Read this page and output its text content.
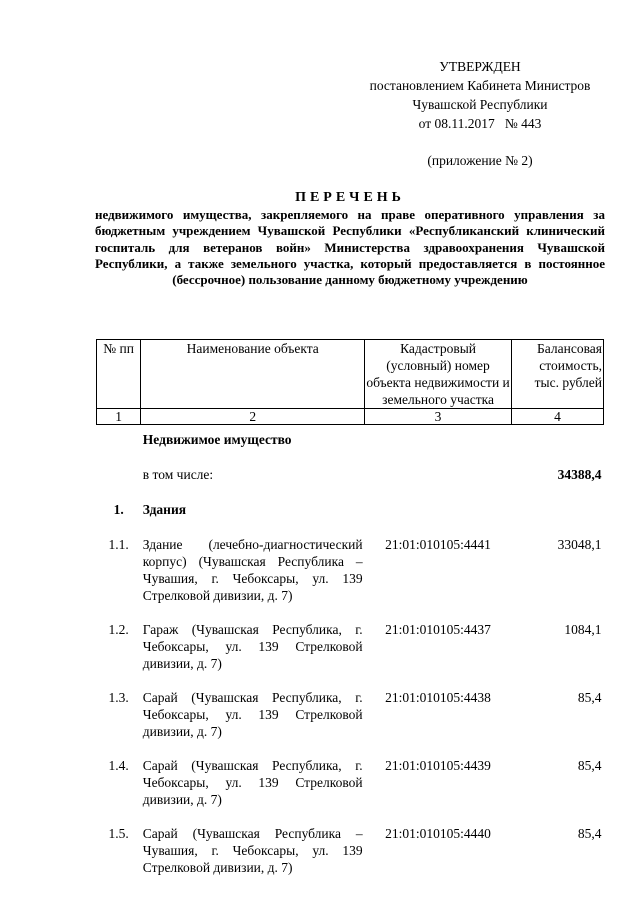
УТВЕРЖДЕН
постановлением Кабинета Министров
Чувашской Республики
от 08.11.2017   № 443
(приложение № 2)
ПЕРЕЧЕНЬ
недвижимого имущества, закрепляемого на праве оперативного управления за бюджетным учреждением Чувашской Республики «Республиканский клинический госпиталь для ветеранов войн» Министерства здравоохранения Чувашской Республики, а также земельного участка, который предоставляется в постоянное (бессрочное) пользование данному бюджетному учреждению
№ пп	Наименование объекта	Кадастровый (условный) номер объекта недвижимости и земельного участка	Балансовая стоимость, тыс. рублей
1	2	3	4
	Недвижимое имущество		
	в том числе:		34388,4
1.	Здания		
1.1.	Здание (лечебно-диагностический корпус) (Чувашская Республика – Чувашия, г. Чебоксары, ул. 139 Стрелковой дивизии, д. 7)	21:01:010105:4441	33048,1
1.2.	Гараж (Чувашская Республика, г. Чебоксары, ул. 139 Стрелковой дивизии, д. 7)	21:01:010105:4437	1084,1
1.3.	Сарай (Чувашская Республика, г. Чебоксары, ул. 139 Стрелковой дивизии, д. 7)	21:01:010105:4438	85,4
1.4.	Сарай (Чувашская Республика, г. Чебоксары, ул. 139 Стрелковой дивизии, д. 7)	21:01:010105:4439	85,4
1.5.	Сарай (Чувашская Республика – Чувашия, г. Чебоксары, ул. 139 Стрелковой дивизии, д. 7)	21:01:010105:4440	85,4
